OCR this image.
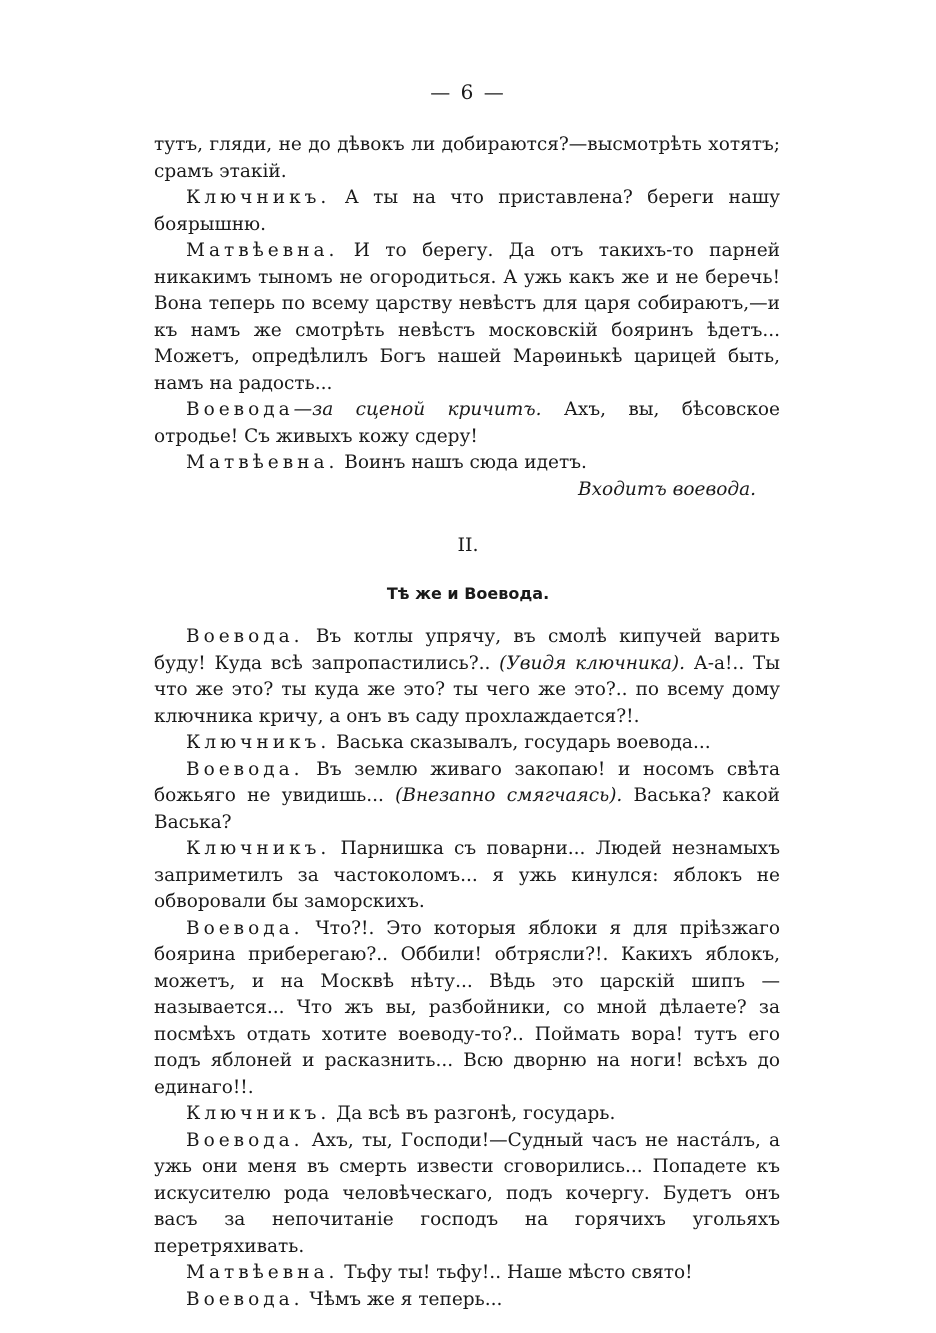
— 6 —

тутъ, гляди, не до дѣвокъ ли добираются?—высмотрѣть хотятъ; срамъ этакiй.

Ключникъ. А ты на что приставлена? береги нашу боярышню.

Матвѣевна. И то берегу. Да отъ такихъ-то парней никакимъ тыномъ не огородиться. А ужь какъ же и не беречь! Вона теперь по всему царству невѣстъ для царя собираютъ,—и къ намъ же смотрѣть невѣстъ московскiй бояринъ ѣдетъ... Можетъ, опредѣлилъ Богъ нашей Марѳинькѣ царицей быть, намъ на радость...

Воевода—за сценой кричитъ. Ахъ, вы, бѣсовское отродье! Съ живыхъ кожу сдеру!

Матвѣевна. Воинъ нашъ сюда идетъ.

Входитъ воевода.

II.
Тѣ же и Воевода.

Воевода. Въ котлы упрячу, въ смолѣ кипучей варить буду! Куда всѣ запропастились?.. (Увидя ключника). А-а!.. Ты что же это? ты куда же это? ты чего же это?.. по всему дому ключника кричу, а онъ въ саду прохлаждается?!.

Ключникъ. Васька сказывалъ, государь воевода...

Воевода. Въ землю живаго закопаю! и носомъ свѣта божьяго не увидишь... (Внезапно смягчаясь). Васька? какой Васька?

Ключникъ. Парнишка съ поварни... Людей незнамыхъ заприметилъ за частоколомъ... я ужь кинулся: яблокъ не обворовали бы заморскихъ.

Воевода. Что?!. Это которыя яблоки я для прiѣзжаго боярина приберегаю?.. Оббили! обтрясли?!. Какихъ яблокъ, можетъ, и на Москвѣ нѣту... Вѣдь это царскiй шипъ — называется... Что жъ вы, разбойники, со мной дѣлаете? за посмѣхъ отдать хотите воеводу-то?.. Поймать вора! тутъ его подъ яблоней и расказнить... Всю дворню на ноги! всѣхъ до единаго!!.

Ключникъ. Да всѣ въ разгонѣ, государь.

Воевода. Ахъ, ты, Господи!—Судный часъ не настáлъ, а ужь они меня въ смерть извести сговорились... Попадете къ искусителю рода человѣческаго, подъ кочергу. Будетъ онъ васъ за непочитанiе господъ на горячихъ угольяхъ перетряхивать.

Матвѣевна. Тьфу ты! тьфу!.. Наше мѣсто свято!

Воевода. Чѣмъ же я теперь...
